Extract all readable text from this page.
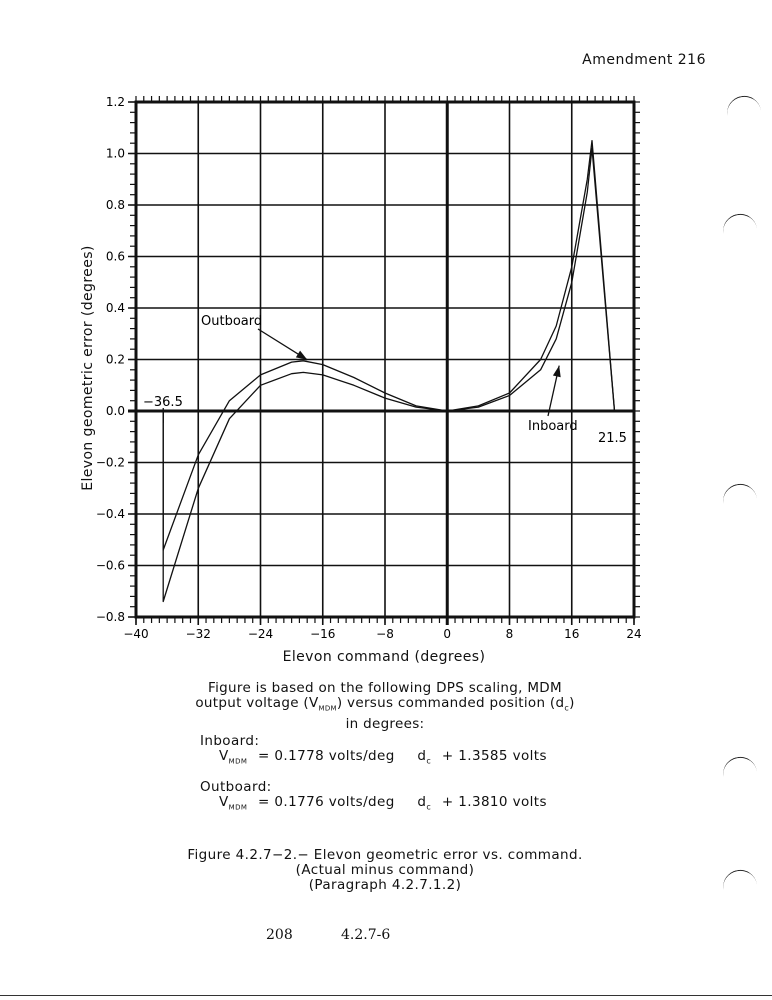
Amendment 216
−40	−32	−24	−16	−8	0	8	16	24
1.2
1.0
0.8
0.6
0.4
0.2
0.0
−0.2
−0.4
−0.6
−0.8
Outboard
Inboard
−36.5
21.5
Elevon geometric error (degrees)
Elevon command (degrees)
Figure is based on the following DPS scaling, MDM
output voltage $(V_{MDM})$ versus commanded position $(d_c)$
in degrees:
Inboard:
$V_{MDM} = 0.1778$ volts/deg $d_c + 1.3585$ volts
Outboard:
$V_{MDM} = 0.1776$ volts/deg $d_c + 1.3810$ volts
Figure 4.2.7−2.− Elevon geometric error vs. command.
(Actual minus command)
(Paragraph 4.2.7.1.2)
208	4.2.7-6
